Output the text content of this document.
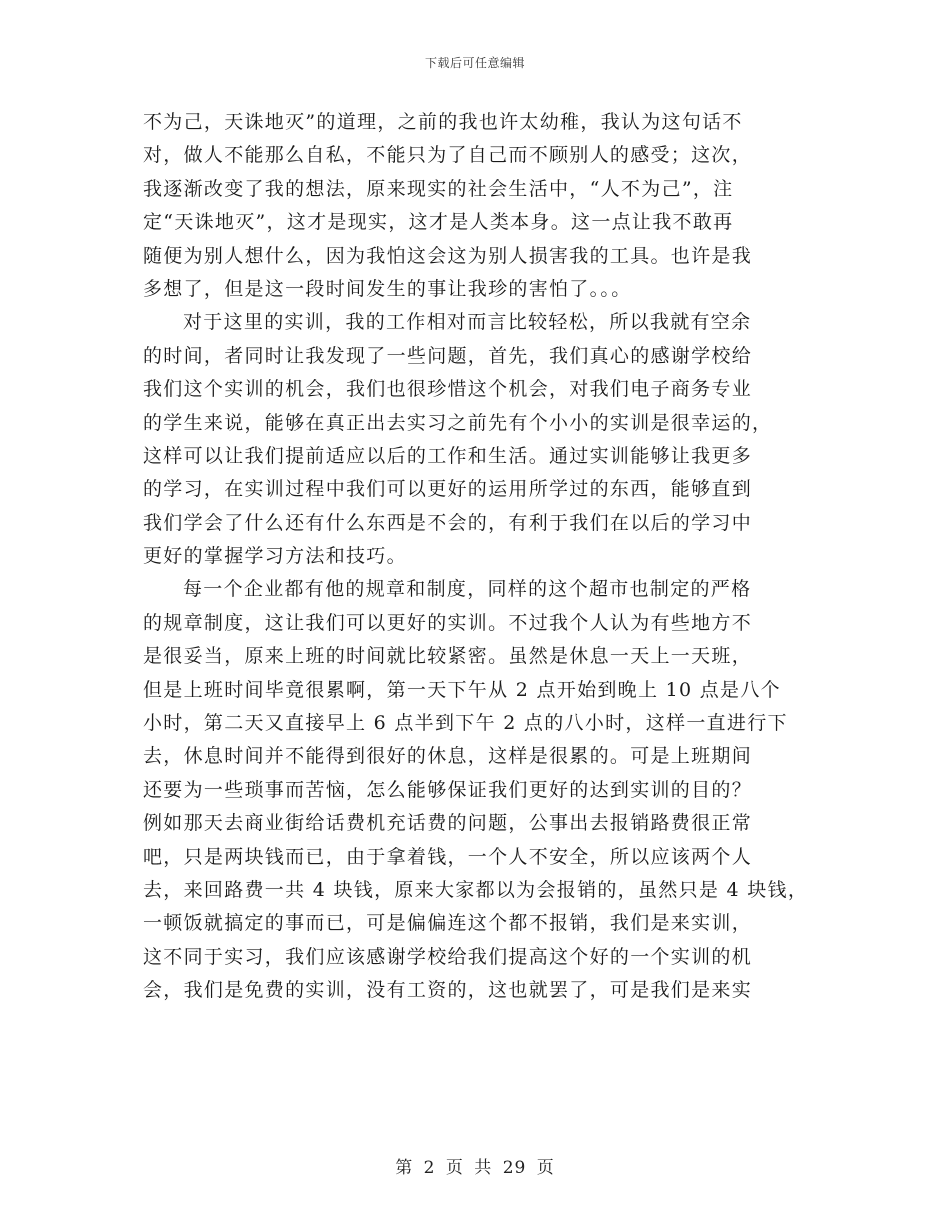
下载后可任意编辑
不为己，天诛地灭”的道理，之前的我也许太幼稚，我认为这句话不
对，做人不能那么自私，不能只为了自己而不顾别人的感受；这次，
我逐渐改变了我的想法，原来现实的社会生活中，“人不为己”，注
定“天诛地灭”，这才是现实，这才是人类本身。这一点让我不敢再
随便为别人想什么，因为我怕这会这为别人损害我的工具。也许是我
多想了，但是这一段时间发生的事让我珍的害怕了。。。
对于这里的实训，我的工作相对而言比较轻松，所以我就有空余
的时间，者同时让我发现了一些问题，首先，我们真心的感谢学校给
我们这个实训的机会，我们也很珍惜这个机会，对我们电子商务专业
的学生来说，能够在真正出去实习之前先有个小小的实训是很幸运的，
这样可以让我们提前适应以后的工作和生活。通过实训能够让我更多
的学习，在实训过程中我们可以更好的运用所学过的东西，能够直到
我们学会了什么还有什么东西是不会的，有利于我们在以后的学习中
更好的掌握学习方法和技巧。
每一个企业都有他的规章和制度，同样的这个超市也制定的严格
的规章制度，这让我们可以更好的实训。不过我个人认为有些地方不
是很妥当，原来上班的时间就比较紧密。虽然是休息一天上一天班，
但是上班时间毕竟很累啊，第一天下午从 2 点开始到晚上 10 点是八个
小时，第二天又直接早上 6 点半到下午 2 点的八小时，这样一直进行下
去，休息时间并不能得到很好的休息，这样是很累的。可是上班期间
还要为一些琐事而苦恼，怎么能够保证我们更好的达到实训的目的？
例如那天去商业街给话费机充话费的问题，公事出去报销路费很正常
吧，只是两块钱而已，由于拿着钱，一个人不安全，所以应该两个人
去，来回路费一共 4 块钱，原来大家都以为会报销的，虽然只是 4 块钱，
一顿饭就搞定的事而已，可是偏偏连这个都不报销，我们是来实训，
这不同于实习，我们应该感谢学校给我们提高这个好的一个实训的机
会，我们是免费的实训，没有工资的，这也就罢了，可是我们是来实
第 2 页 共 29 页
